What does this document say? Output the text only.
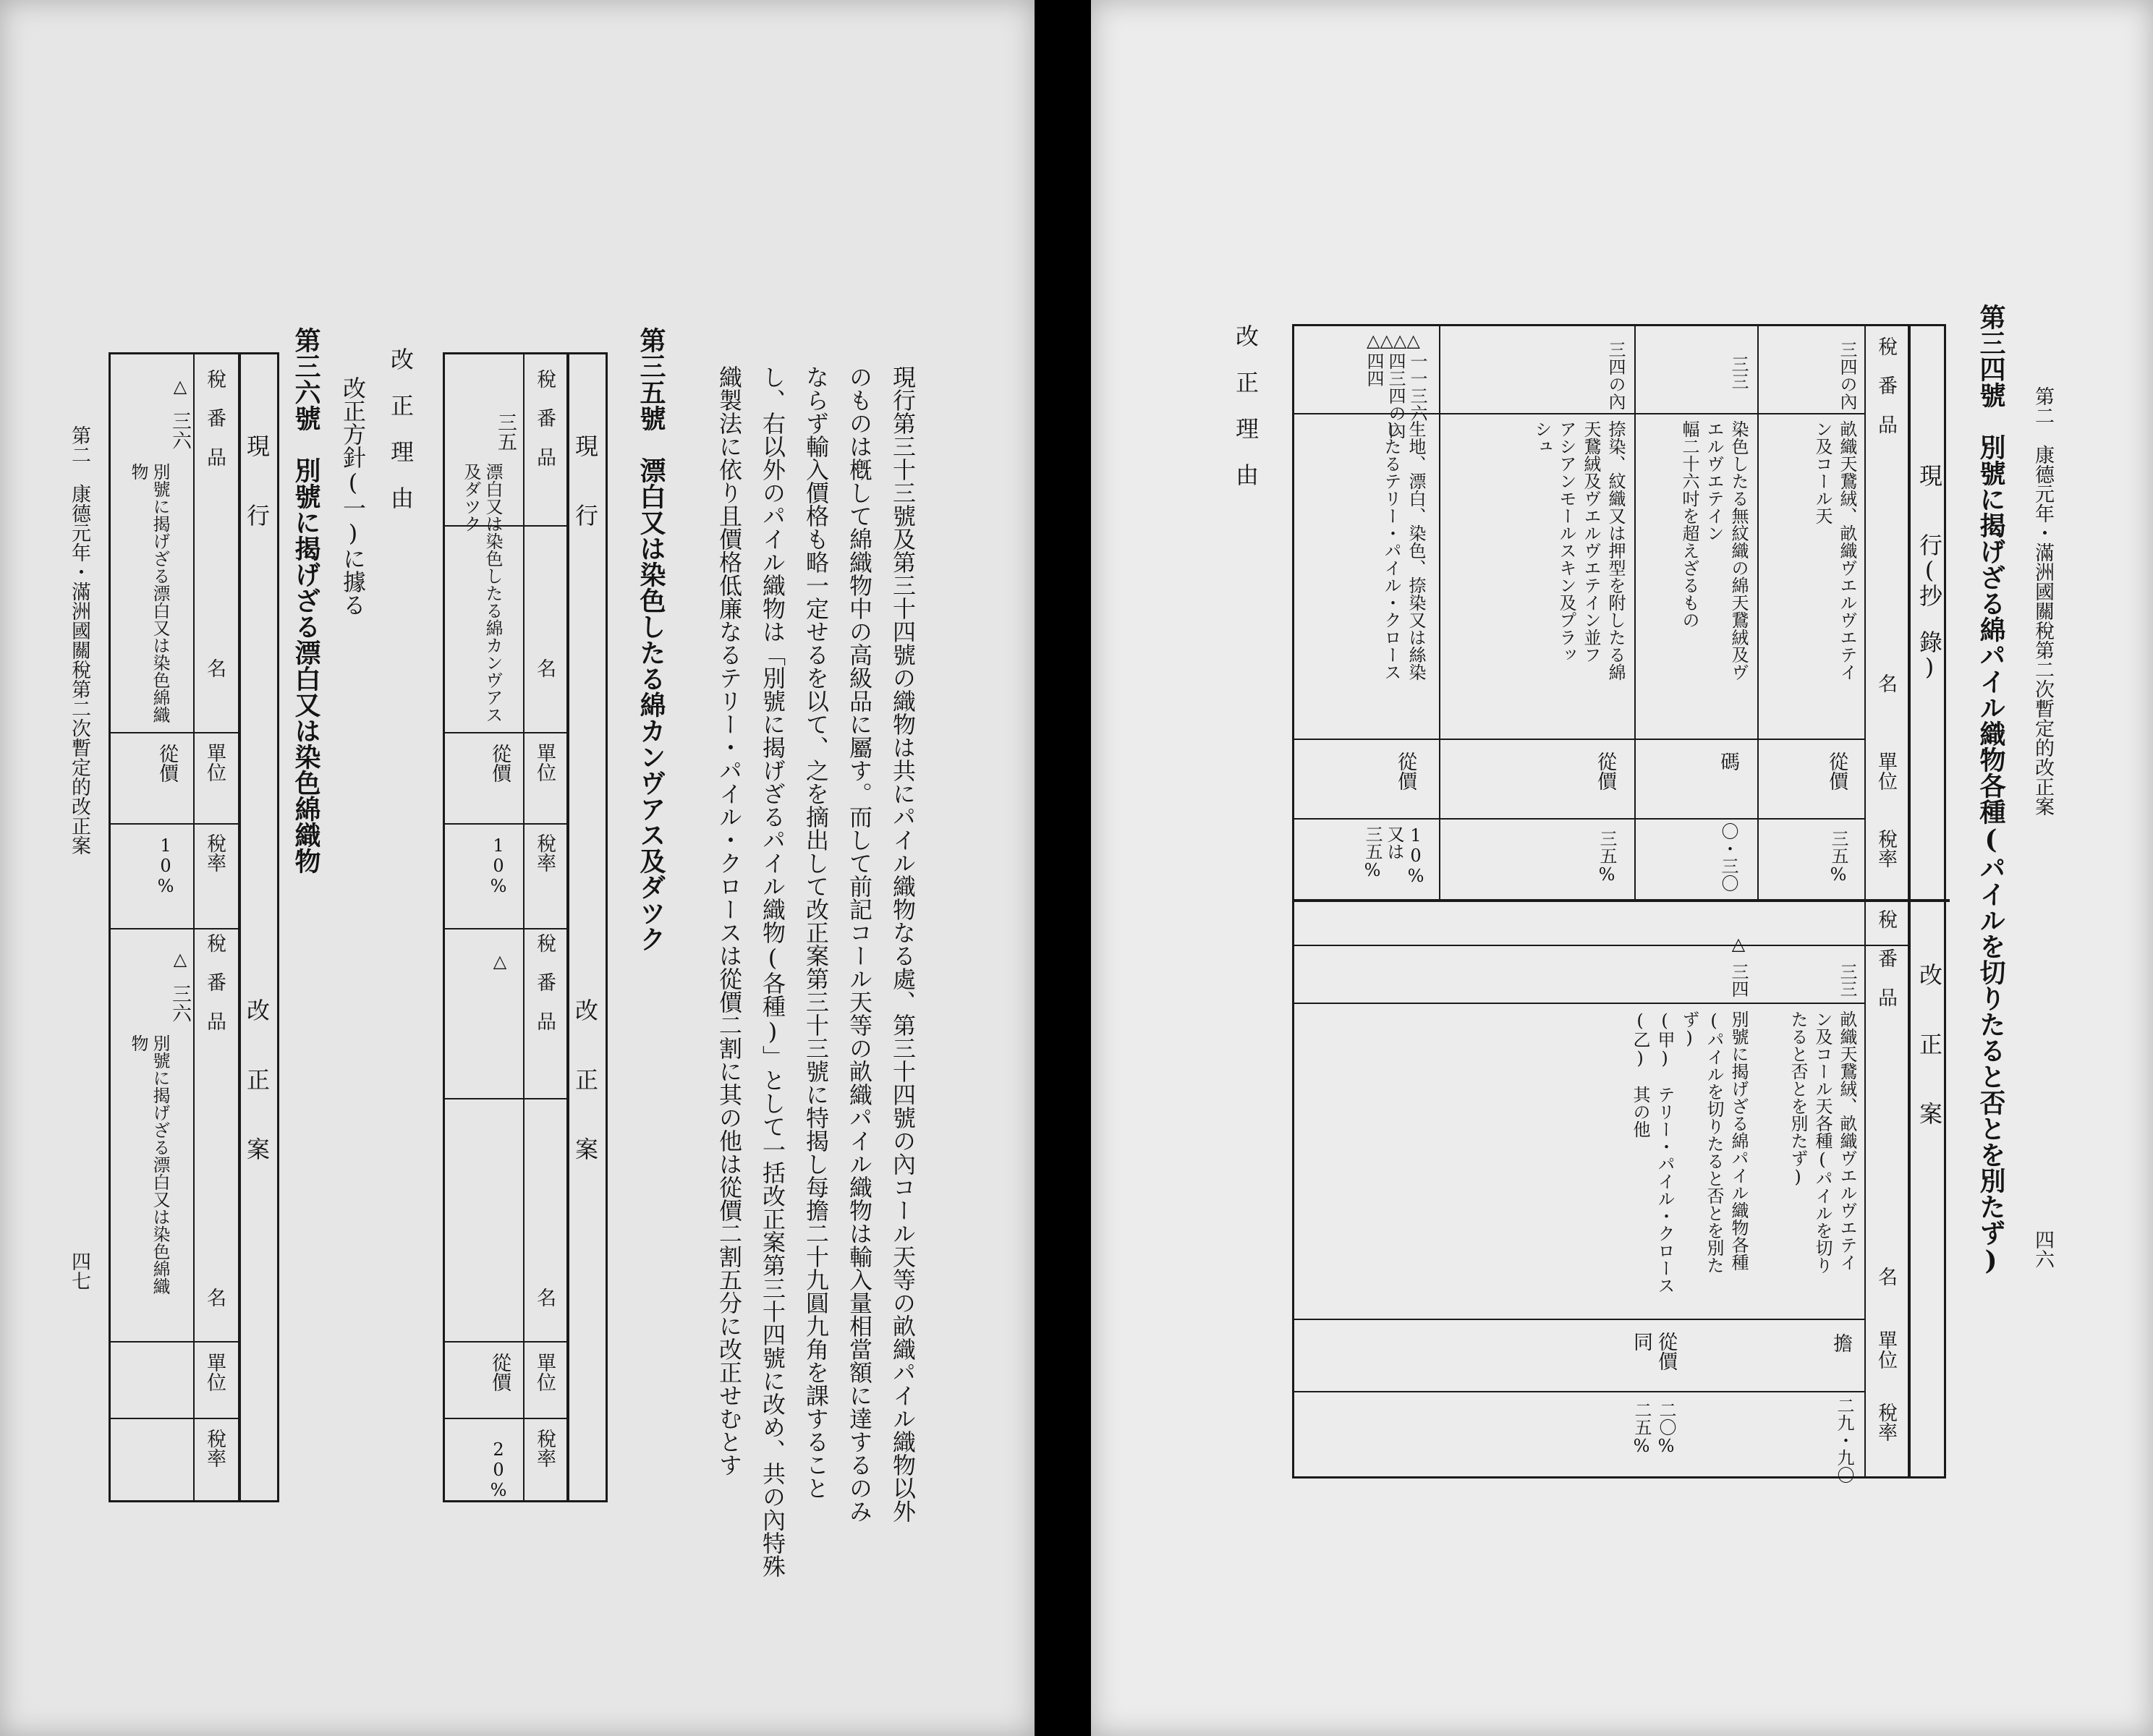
現行第三十三號及第三十四號の織物は共にパイル織物なる處、第三十四號の內コール天等の畝織パイル織物以外
のものは槪して綿織物中の高級品に屬す。而して前記コール天等の畝織パイル織物は輸入量相當額に達するのみ
ならず輸入價格も略一定せるを以て、之を摘出して改正案第三十三號に特揭し每擔二十九圓九角を課すること
し、右以外のパイル織物は「別號に揭げざるパイル織物(各種)」として一括改正案第三十四號に改め、共の內特殊
織製法に依り且價格低廉なるテリー・パイル・クロースは從價二割に其の他は從價二割五分に改正せむとす
第三五號　漂白又は染色したる綿カンヴアス及ダツク
現　　行
改　　正　　案
稅　番　品
名
單位
稅率
稅　番　品
名
單位
稅率
三五
漂白又は染色したる綿カンヴアス
及ダツク
從價
10%
△
從價
20%
改　正　理　由
改正方針(一)に據る
第三六號　別號に揭げざる漂白又は染色綿織物
現　　行
改　　正　　案
稅　番　品
名
單位
稅率
稅　番　品
名
單位
稅率
△
三六
別號に揭げざる漂白又は染色綿織
物
從價
10%
△
三六
別號に揭げざる漂白又は染色綿織
物
第二　康德元年・滿洲國關稅第二次暫定的改正案
四七
第二　康德元年・滿洲國關稅第二次暫定的改正案
四六
第三四號　別號に揭げざる綿パイル織物各種(パイルを切りたると否とを別たず)
現　　行(抄　錄)
改　　正　　案
稅　番　品
名
單位
稅率
稅　番　品
名
單位
稅率
三四の內
畝織天鵞絨、畝織ヴエルヴエテイ
ン及コール天
從價
三五%
三三
染色したる無紋織の綿天鵞絨及ヴ
エルヴエテイン
幅二十六吋を超えざるもの
碼
〇・三〇
三四の內
捺染、紋織又は押型を附したる綿
天鵞絨及ヴエルヴエテイン並フ
アシアンモールスキン及プラッ
シュ
從價
三五%
△△△△
一一三六
四三四の內
四四
生地、漂白、染色、捺染又は絲染
したるテリー・パイル・クロース
從價
10%
又は
三五%
三三
畝織天鵞絨、畝織ヴエルヴエテイ
ン及コール天各種(パイルを切り
たると否とを別たず)
擔
二九・九〇
△
三四
別號に揭げざる綿パイル織物各種
(パイルを切りたると否とを別た
ず)
(甲)　テリー・パイル・クロース
(乙)　其の他
從價
同
二〇%
二五%
改　正　理　由
